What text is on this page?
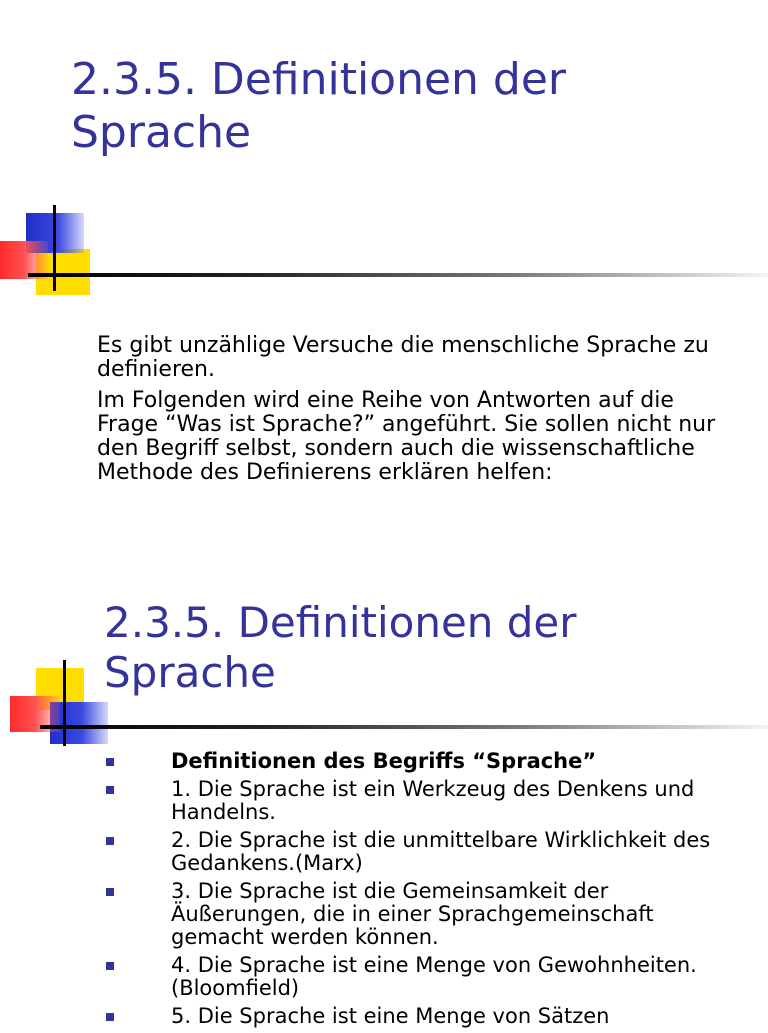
2.3.5. Definitionen der
Sprache

Es gibt unzählige Versuche die menschliche Sprache zu definieren.

Im Folgenden wird eine Reihe von Antworten auf die Frage “Was ist Sprache?” angeführt. Sie sollen nicht nur den Begriff selbst, sondern auch die wissenschaftliche Methode des Definierens erklären helfen:

2.3.5. Definitionen der
Sprache
Definitionen des Begriffs “Sprache”
1. Die Sprache ist ein Werkzeug des Denkens und Handelns.
2. Die Sprache ist die unmittelbare Wirklichkeit des Gedankens.(Marx)
3. Die Sprache ist die Gemeinsamkeit der Äußerungen, die in einer Sprachgemeinschaft gemacht werden können.
4. Die Sprache ist eine Menge von Gewohnheiten. (Bloomfield)
5. Die Sprache ist eine Menge von Sätzen
